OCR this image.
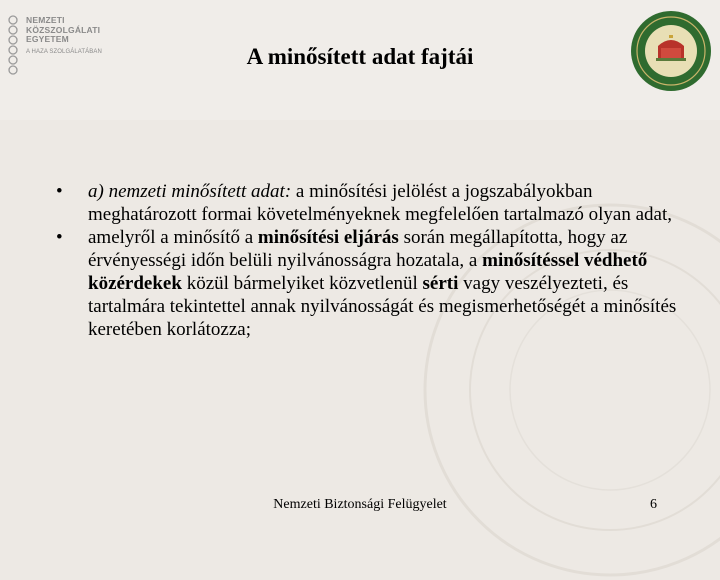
NEMZETI
KÖZSZOLGÁLATI
EGYETEM
A HAZA SZOLGÁLATÁBAN	A minősített adat fajtái

• a) nemzeti minősített adat: a minősítési jelölést a jogszabályokban meghatározott formai követelményeknek megfelelően tartalmazó olyan adat,

• amelyről a minősítő a minősítési eljárás során megállapította, hogy az érvényességi időn belüli nyilvánosságra hozatala, a minősítéssel védhető közérdekek közül bármelyiket közvetlenül sérti vagy veszélyezteti, és tartalmára tekintettel annak nyilvánosságát és megismerhetőségét a minősítés keretében korlátozza;

Nemzeti Biztonsági Felügyelet	6
